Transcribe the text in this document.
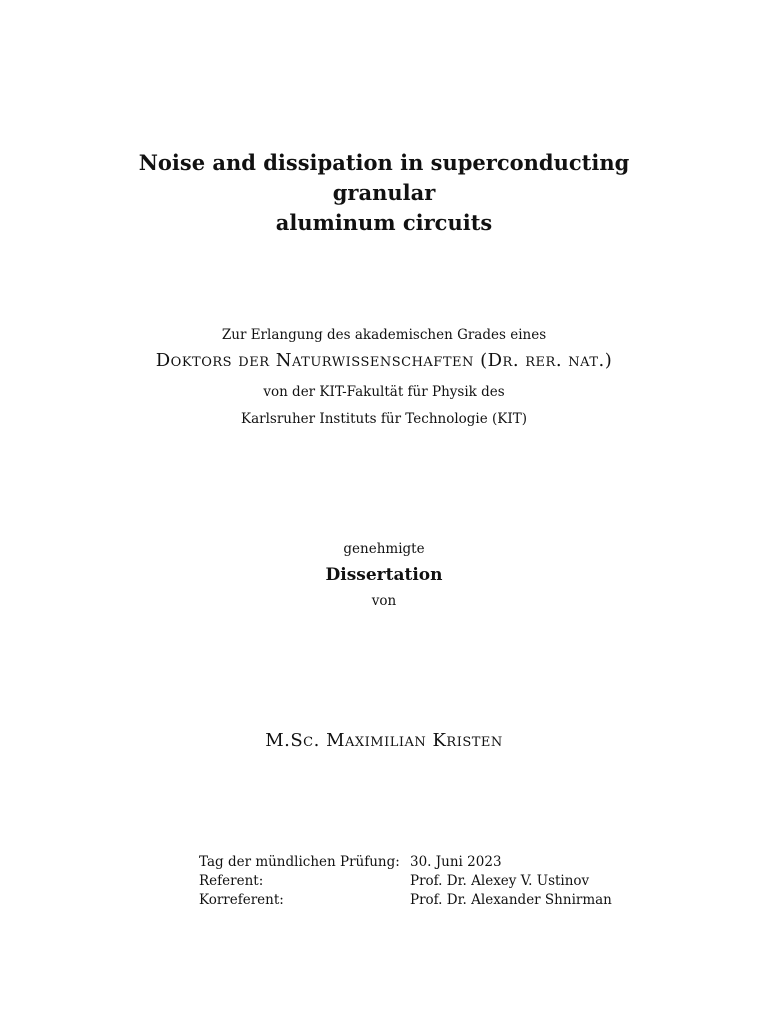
Noise and dissipation in superconducting granular
aluminum circuits
Zur Erlangung des akademischen Grades eines
Doktors der Naturwissenschaften (Dr. rer. nat.)
von der KIT-Fakultät für Physik des
Karlsruher Instituts für Technologie (KIT)
genehmigte
Dissertation
von
M.Sc. Maximilian Kristen
Tag der mündlichen Prüfung:	30. Juni 2023
Referent:	Prof. Dr. Alexey V. Ustinov
Korreferent:	Prof. Dr. Alexander Shnirman
